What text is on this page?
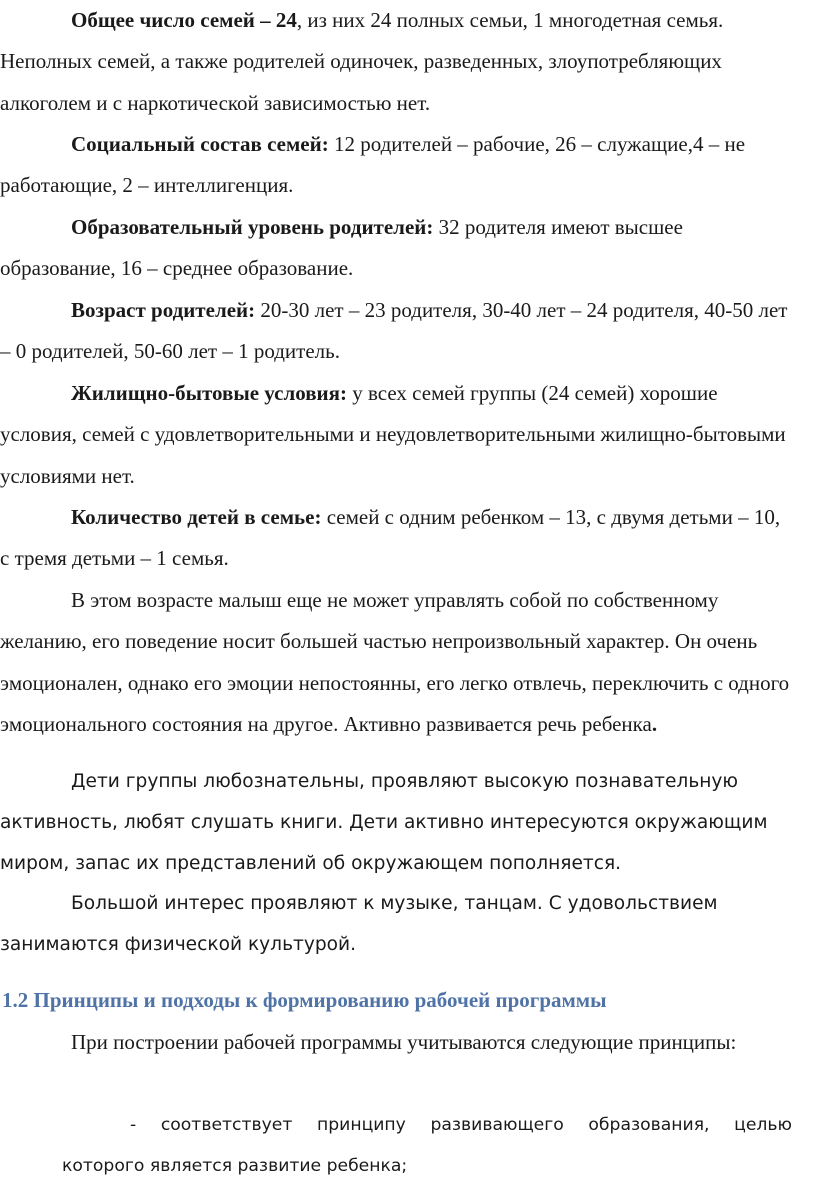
Общее число семей – 24, из них 24 полных семьи, 1 многодетная семья. Неполных семей, а также родителей одиночек, разведенных, злоупотребляющих алкоголем и с наркотической зависимостью нет.

Социальный состав семей: 12 родителей – рабочие, 26 – служащие,4 – не работающие, 2 – интеллигенция.

Образовательный уровень родителей: 32 родителя имеют высшее образование, 16 – среднее образование.

Возраст родителей: 20-30 лет – 23 родителя, 30-40 лет – 24 родителя, 40-50 лет – 0 родителей, 50-60 лет – 1 родитель.

Жилищно-бытовые условия: у всех семей группы (24 семей) хорошие условия, семей с удовлетворительными и неудовлетворительными жилищно-бытовыми условиями нет.

Количество детей в семье: семей с одним ребенком – 13, с двумя детьми – 10, с тремя детьми – 1 семья.

В этом возрасте малыш еще не может управлять собой по собственному желанию, его поведение носит большей частью непроизвольный характер. Он очень эмоционален, однако его эмоции непостоянны, его легко отвлечь, переключить с одного эмоционального состояния на другое. Активно развивается речь ребенка.

Дети группы любознательны, проявляют высокую познавательную активность, любят слушать книги. Дети активно интересуются окружающим миром, запас их представлений об окружающем пополняется.

Большой интерес проявляют к музыке, танцам. С удовольствием занимаются физической культурой.

1.2 Принципы и подходы к формированию рабочей программы

При построении рабочей программы учитываются следующие принципы:

- соответствует принципу развивающего образования, целью
которого является развитие ребенка;
